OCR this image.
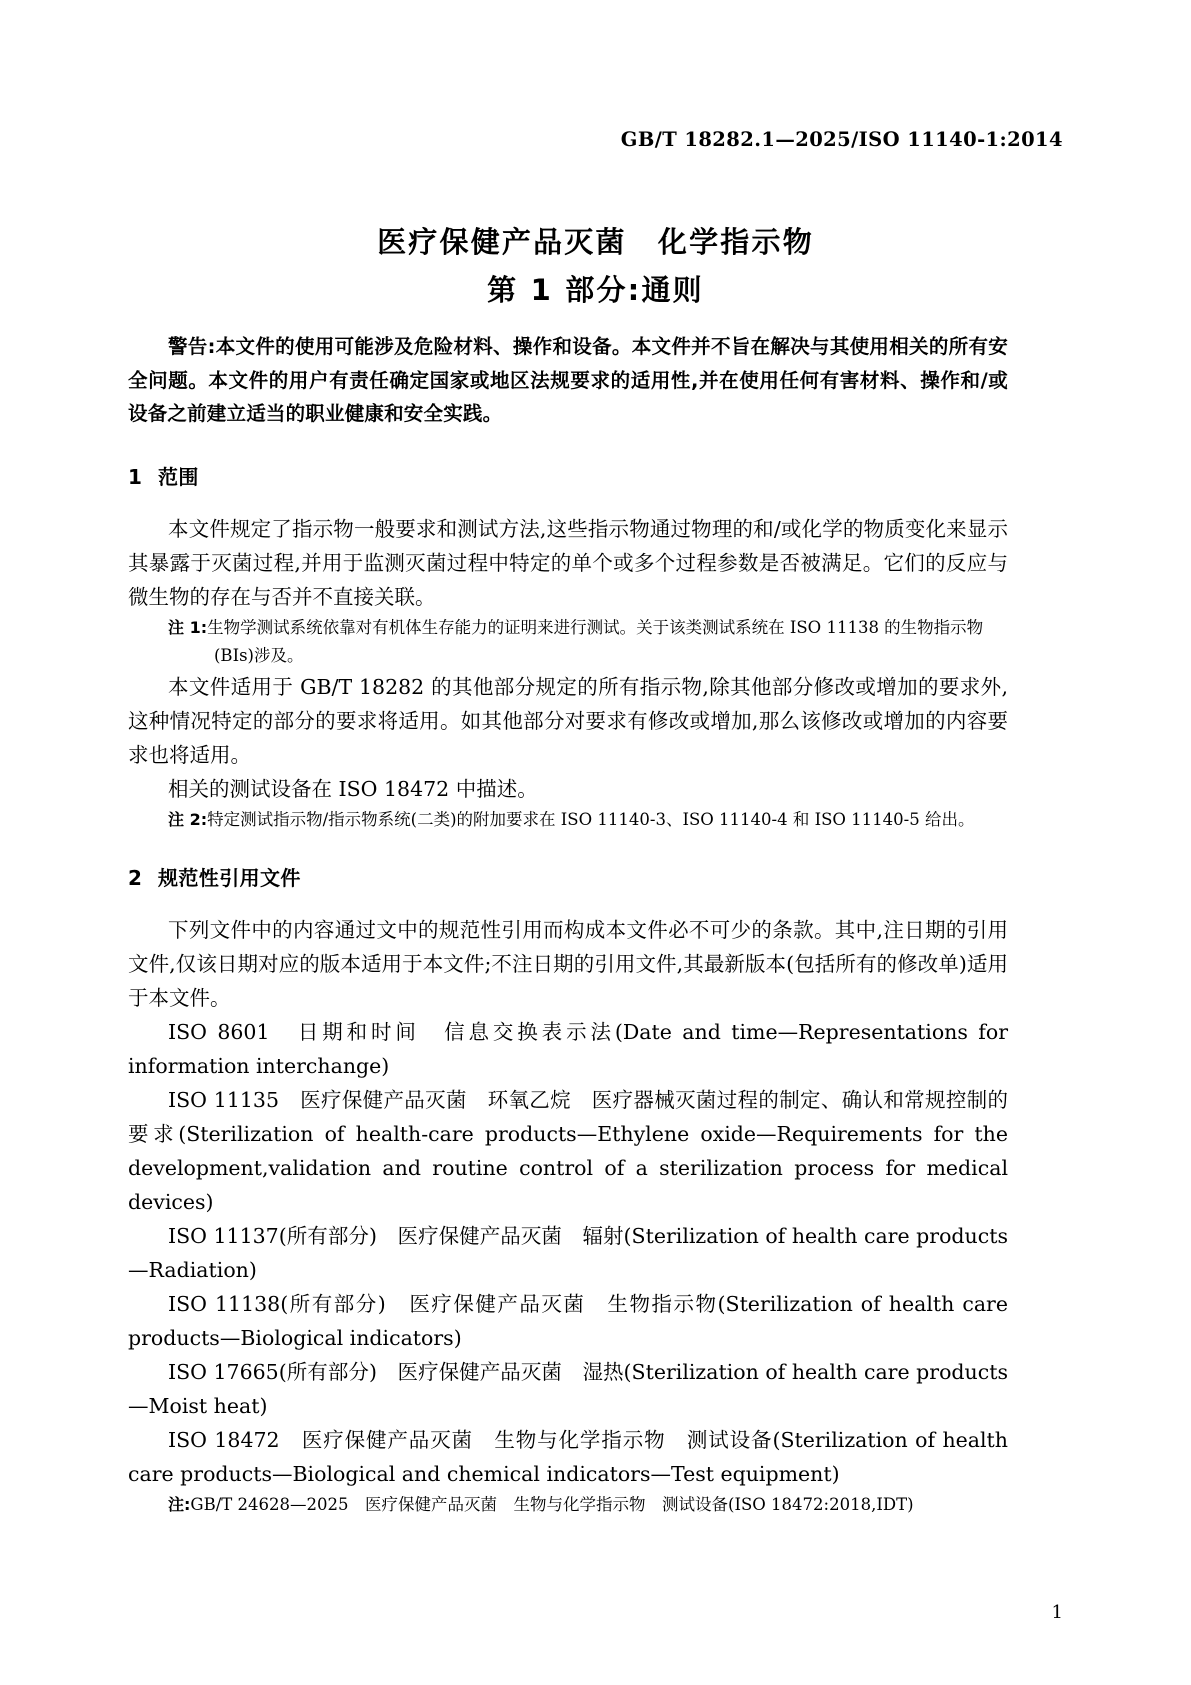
GB/T 18282.1—2025/ISO 11140-1:2014
医疗保健产品灭菌　化学指示物
第 1 部分:通则

警告:本文件的使用可能涉及危险材料、操作和设备。本文件并不旨在解决与其使用相关的所有安全问题。本文件的用户有责任确定国家或地区法规要求的适用性,并在使用任何有害材料、操作和/或设备之前建立适当的职业健康和安全实践。

1 范围

本文件规定了指示物一般要求和测试方法,这些指示物通过物理的和/或化学的物质变化来显示其暴露于灭菌过程,并用于监测灭菌过程中特定的单个或多个过程参数是否被满足。它们的反应与微生物的存在与否并不直接关联。

注 1:生物学测试系统依靠对有机体生存能力的证明来进行测试。关于该类测试系统在 ISO 11138 的生物指示物

(BIs)涉及。

本文件适用于 GB/T 18282 的其他部分规定的所有指示物,除其他部分修改或增加的要求外,这种情况特定的部分的要求将适用。如其他部分对要求有修改或增加,那么该修改或增加的内容要求也将适用。

相关的测试设备在 ISO 18472 中描述。

注 2:特定测试指示物/指示物系统(二类)的附加要求在 ISO 11140-3、ISO 11140-4 和 ISO 11140-5 给出。

2 规范性引用文件

下列文件中的内容通过文中的规范性引用而构成本文件必不可少的条款。其中,注日期的引用文件,仅该日期对应的版本适用于本文件;不注日期的引用文件,其最新版本(包括所有的修改单)适用于本文件。

ISO 8601　 日期和时间　信息交换表示法(Date and time—Representations for information interchange)

ISO 11135　 医疗保健产品灭菌　环氧乙烷　医疗器械灭菌过程的制定、确认和常规控制的要求(Sterilization of health-care products—Ethylene oxide—Requirements for the development,validation and routine control of a sterilization process for medical devices)

ISO 11137(所有部分)　 医疗保健产品灭菌　辐射(Sterilization of health care products—Radiation)

ISO 11138(所有部分)　 医疗保健产品灭菌　生物指示物(Sterilization of health care products—Biological indicators)

ISO 17665(所有部分)　 医疗保健产品灭菌　湿热(Sterilization of health care products—Moist heat)

ISO 18472　 医疗保健产品灭菌　生物与化学指示物　测试设备(Sterilization of health care products—Biological and chemical indicators—Test equipment)

注:GB/T 24628—2025　医疗保健产品灭菌　生物与化学指示物　测试设备(ISO 18472:2018,IDT)

1
